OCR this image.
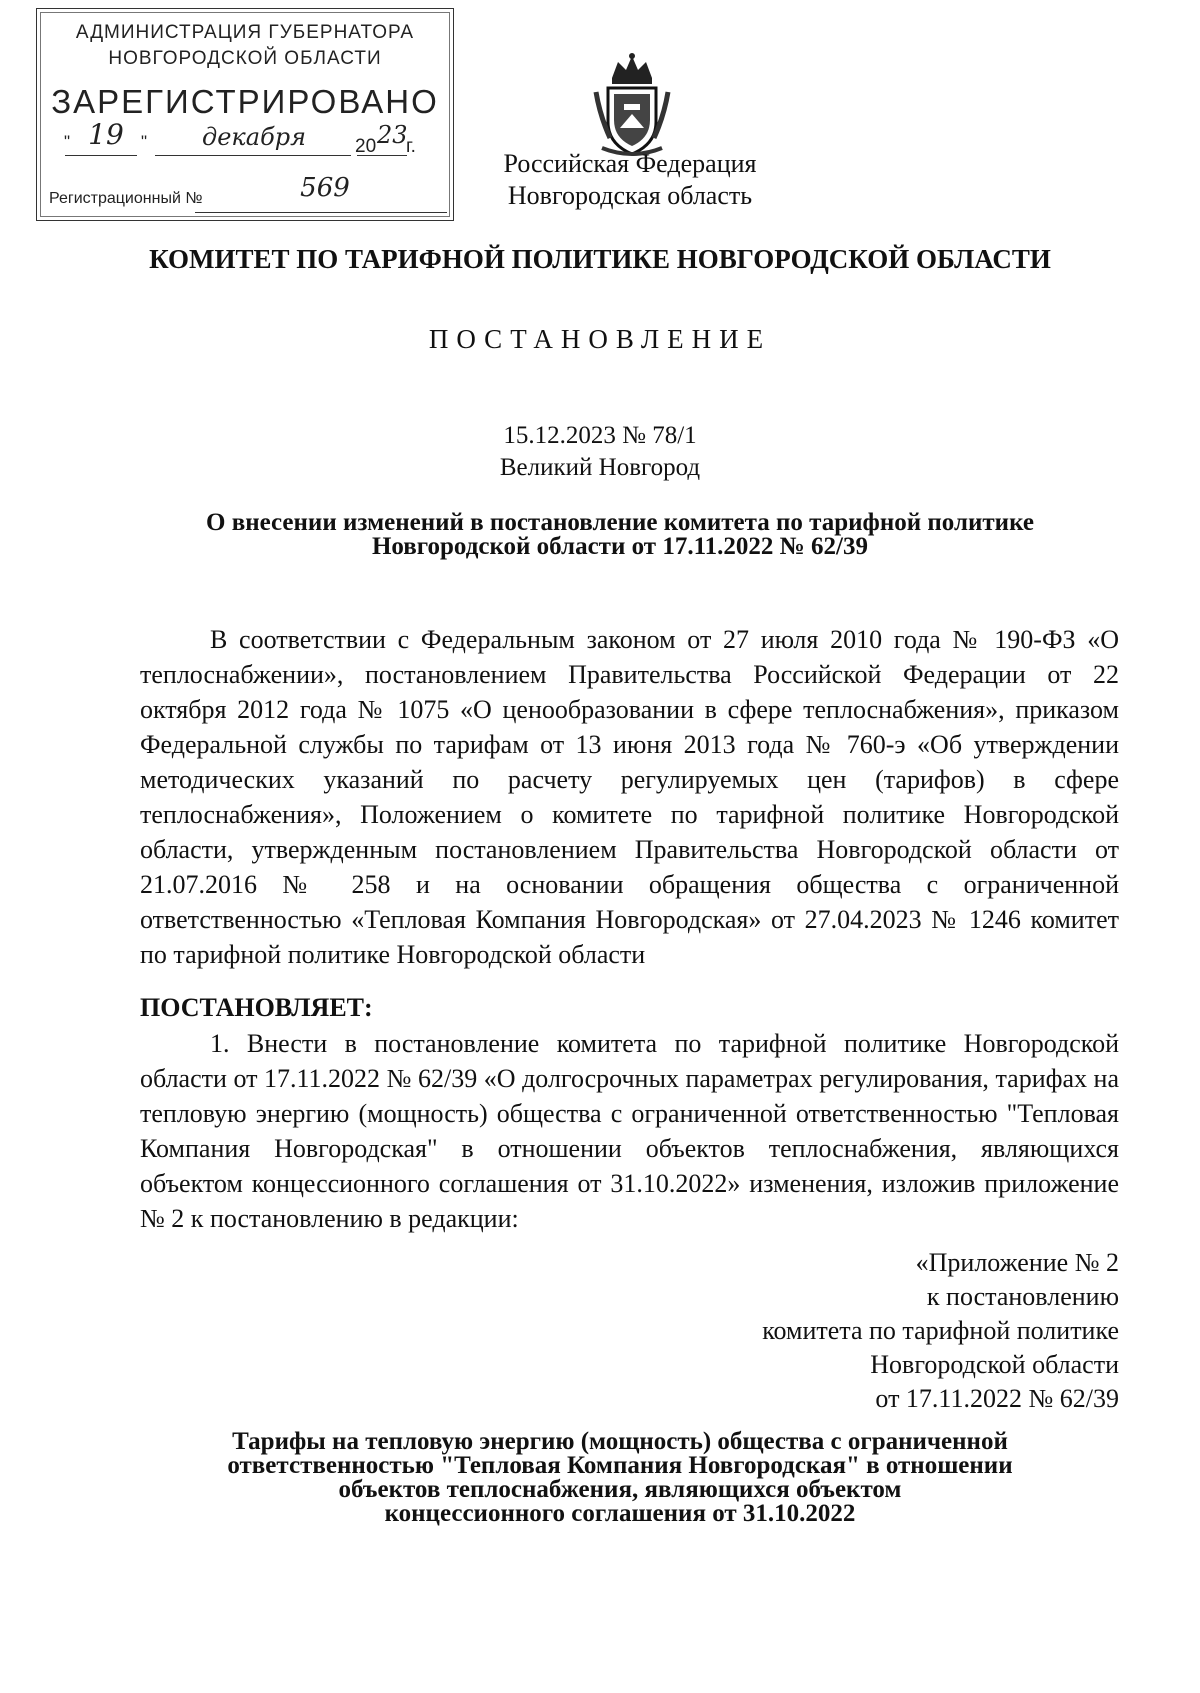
АДМИНИСТРАЦИЯ ГУБЕРНАТОРА
НОВГОРОДСКОЙ ОБЛАСТИ
ЗАРЕГИСТРИРОВАНО
" 19	"	декабря	20 23
г.
Регистрационный №	569
Российская Федерация
Новгородская область
КОМИТЕТ ПО ТАРИФНОЙ ПОЛИТИКЕ НОВГОРОДСКОЙ ОБЛАСТИ
ПОСТАНОВЛЕНИЕ
15.12.2023 № 78/1
Великий Новгород
О внесении изменений в постановление комитета по тарифной политике
Новгородской области от 17.11.2022 № 62/39
В соответствии с Федеральным законом от 27 июля 2010 года № 190-ФЗ «О теплоснабжении», постановлением Правительства Российской Федерации от 22 октября 2012 года № 1075 «О ценообразовании в сфере теплоснабжения», приказом Федеральной службы по тарифам от 13 июня 2013 года № 760-э «Об утверждении методических указаний по расчету регулируемых цен (тарифов) в сфере теплоснабжения», Положением о комитете по тарифной политике Новгородской области, утвержденным постановлением Правительства Новгородской области от 21.07.2016 № 258 и на основании обращения общества с ограниченной ответственностью «Тепловая Компания Новгородская» от 27.04.2023 № 1246 комитет по тарифной политике Новгородской области
ПОСТАНОВЛЯЕТ:
1. Внести в постановление комитета по тарифной политике Новгородской области от 17.11.2022 № 62/39 «О долгосрочных параметрах регулирования, тарифах на тепловую энергию (мощность) общества с ограниченной ответственностью "Тепловая Компания Новгородская" в отношении объектов теплоснабжения, являющихся объектом концессионного соглашения от 31.10.2022» изменения, изложив приложение № 2 к постановлению в редакции:
«Приложение № 2
к постановлению
комитета по тарифной политике
Новгородской области
от 17.11.2022 № 62/39
Тарифы на тепловую энергию (мощность) общества с ограниченной
ответственностью "Тепловая Компания Новгородская" в отношении
объектов теплоснабжения, являющихся объектом
концессионного соглашения от 31.10.2022
